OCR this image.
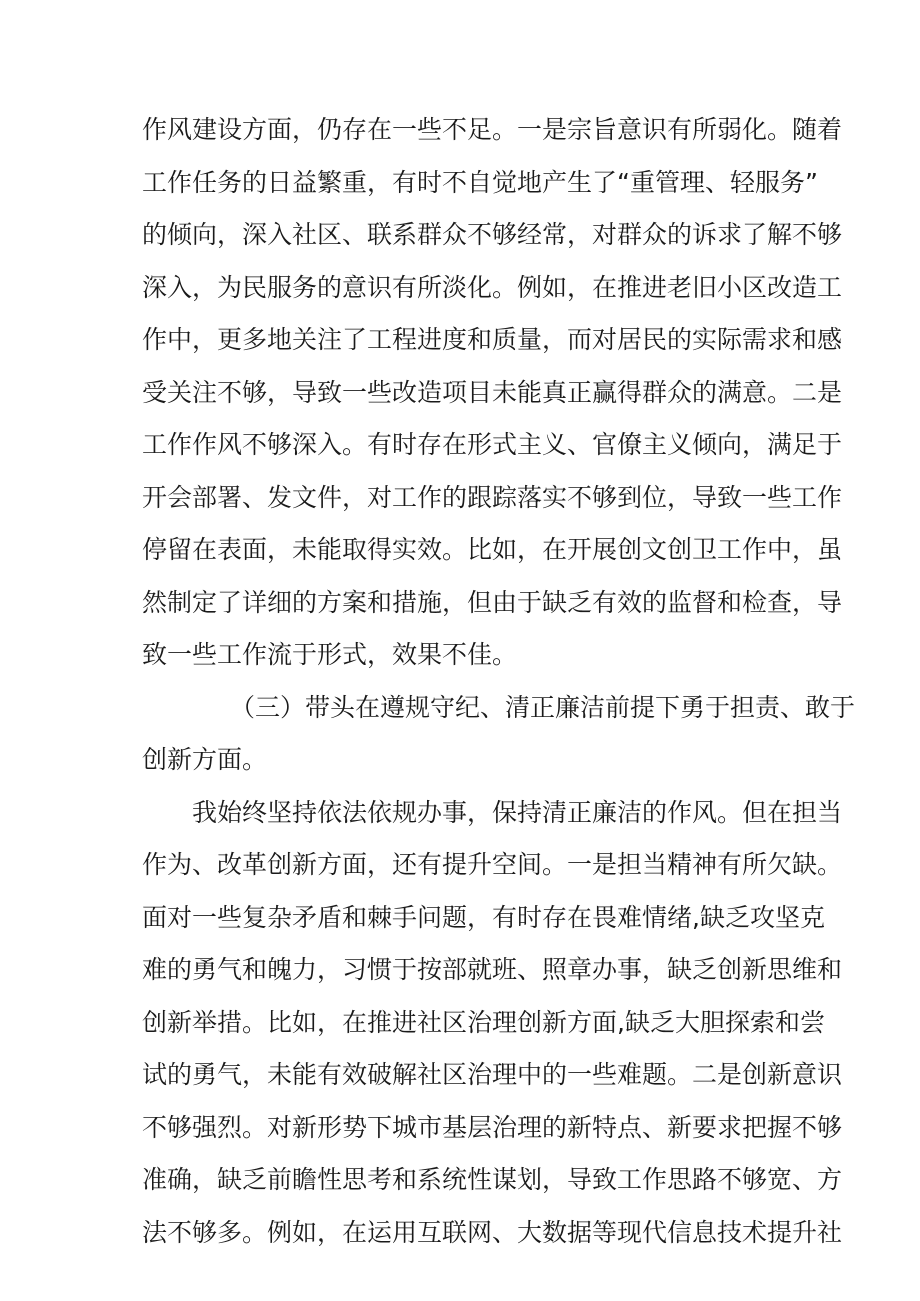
作风建设方面，仍存在一些不足。一是宗旨意识有所弱化。随着
工作任务的日益繁重，有时不自觉地产生了“重管理、轻服务”
的倾向，深入社区、联系群众不够经常，对群众的诉求了解不够
深入，为民服务的意识有所淡化。例如，在推进老旧小区改造工
作中，更多地关注了工程进度和质量，而对居民的实际需求和感
受关注不够，导致一些改造项目未能真正赢得群众的满意。二是
工作作风不够深入。有时存在形式主义、官僚主义倾向，满足于
开会部署、发文件，对工作的跟踪落实不够到位，导致一些工作
停留在表面，未能取得实效。比如，在开展创文创卫工作中，虽
然制定了详细的方案和措施，但由于缺乏有效的监督和检查，导
致一些工作流于形式，效果不佳。
（三）带头在遵规守纪、清正廉洁前提下勇于担责、敢于
创新方面。
我始终坚持依法依规办事，保持清正廉洁的作风。但在担当
作为、改革创新方面，还有提升空间。一是担当精神有所欠缺。
面对一些复杂矛盾和棘手问题，有时存在畏难情绪,缺乏攻坚克
难的勇气和魄力，习惯于按部就班、照章办事，缺乏创新思维和
创新举措。比如，在推进社区治理创新方面,缺乏大胆探索和尝
试的勇气，未能有效破解社区治理中的一些难题。二是创新意识
不够强烈。对新形势下城市基层治理的新特点、新要求把握不够
准确，缺乏前瞻性思考和系统性谋划，导致工作思路不够宽、方
法不够多。例如，在运用互联网、大数据等现代信息技术提升社
